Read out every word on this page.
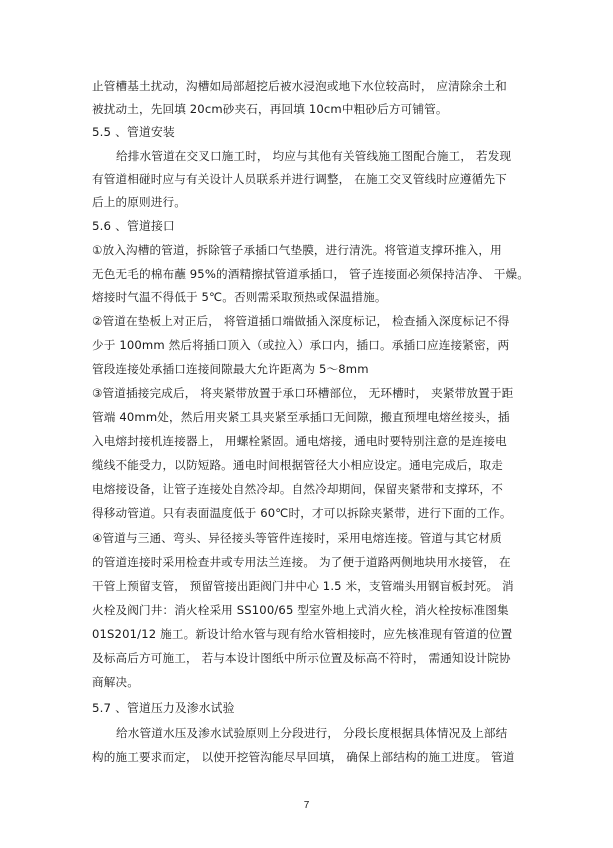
止管槽基土扰动，沟槽如局部超挖后被水浸泡或地下水位较高时， 应清除余土和
被扰动土，先回填 20cm砂夹石，再回填 10cm中粗砂后方可铺管。
5.5 、管道安装
给排水管道在交叉口施工时， 均应与其他有关管线施工图配合施工， 若发现
有管道相碰时应与有关设计人员联系并进行调整， 在施工交叉管线时应遵循先下
后上的原则进行。
5.6 、管道接口
①放入沟槽的管道，拆除管子承插口气垫膜，进行清洗。将管道支撑环推入，用
无色无毛的棉布蘸 95%的酒精擦拭管道承插口， 管子连接面必须保持洁净、 干燥。
熔接时气温不得低于 5℃。否则需采取预热或保温措施。
②管道在垫板上对正后， 将管道插口端做插入深度标记， 检查插入深度标记不得
少于 100mm 然后将插口顶入（或拉入）承口内，插口。承插口应连接紧密，两
管段连接处承插口连接间隙最大允许距离为 5～8mm
③管道插接完成后， 将夹紧带放置于承口环槽部位， 无环槽时， 夹紧带放置于距
管端 40mm处，然后用夹紧工具夹紧至承插口无间隙，搬直预埋电熔丝接头，插
入电熔封接机连接器上， 用螺栓紧固。通电熔接，通电时要特别注意的是连接电
缆线不能受力，以防短路。通电时间根据管径大小相应设定。通电完成后，取走
电熔接设备，让管子连接处自然冷却。自然冷却期间，保留夹紧带和支撑环，不
得移动管道。只有表面温度低于 60℃时，才可以拆除夹紧带，进行下面的工作。
④管道与三通、弯头、异径接头等管件连接时，采用电熔连接。管道与其它材质
的管道连接时采用检查井或专用法兰连接。 为了便于道路两侧地块用水接管， 在
干管上预留支管， 预留管接出距阀门井中心 1.5 米，支管端头用钢盲板封死。 消
火栓及阀门井：消火栓采用 SS100/65 型室外地上式消火栓，消火栓按标准图集
01S201/12 施工。新设计给水管与现有给水管相接时，应先核准现有管道的位置
及标高后方可施工， 若与本设计图纸中所示位置及标高不符时， 需通知设计院协
商解决。
5.7 、管道压力及渗水试验
给水管道水压及渗水试验原则上分段进行， 分段长度根据具体情况及上部结
构的施工要求而定， 以使开挖管沟能尽早回填， 确保上部结构的施工进度。 管道
7
